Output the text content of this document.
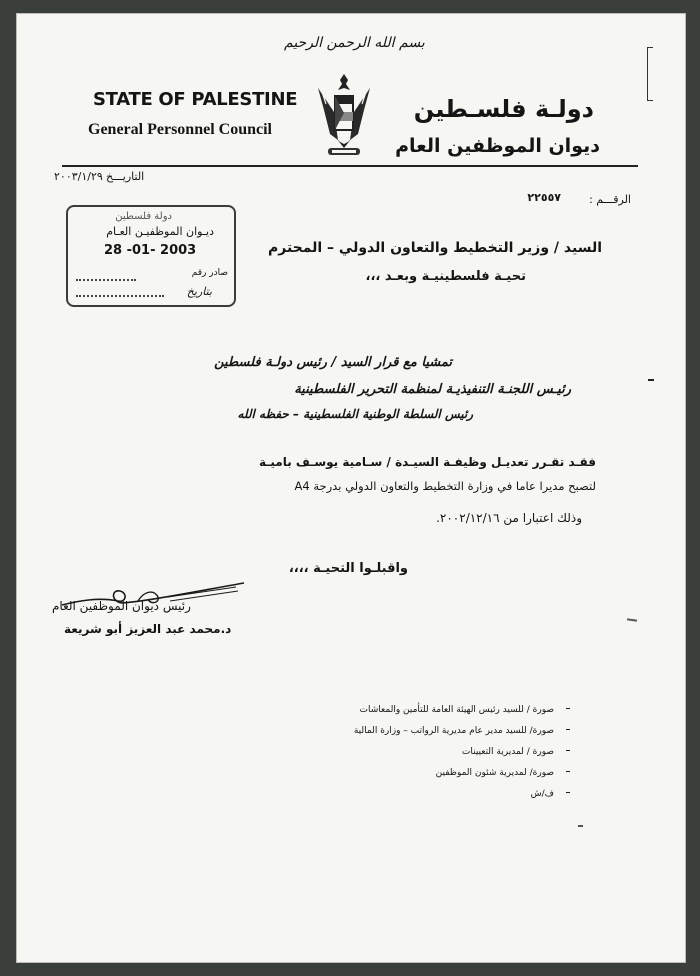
بسم الله الرحمن الرحيم
STATE OF PALESTINE
General Personnel Council
دولـة فلسـطين
ديوان الموظفين العام
التاريـــخ
٢٠٠٣/١/٢٩
الرقـــم :
٢٢٥٥٧
دولة فلسطين
ديـوان الموظفيـن العـام
28 -01- 2003
صادر رقم
بتاريخ
السيد / وزير التخطيط والتعاون الدولي – المحترم
تحيـة فلسطينيـة وبعـد ،،،
تمشيا مع قرار السيد / رئيس دولـة فلسطين
رئيـس اللجنـة التنفيذيـة لمنظمة التحرير الفلسطينية
رئيس السلطة الوطنية الفلسطينية – حفظه الله
فقـد تقـرر تعديـل وظيفـة السيـدة / سـامية يوسـف باميـة
لتصبح مديرا عاما في وزارة التخطيط والتعاون الدولي بدرجة A4
وذلك اعتبارا من ٢٠٠٢/١٢/١٦.
واقبلـوا التحيـة ،،،،
رئيس ديوان الموظفين العام
د.محمد عبد العزيز أبو شريعة
صورة / للسيد رئيس الهيئة العامة للتأمين والمعاشات
صورة/ للسيد مدير عام مديرية الرواتب – وزارة المالية
صورة / لمديرية التعيينات
صورة/ لمديرية شئون الموظفين
ف/ش
